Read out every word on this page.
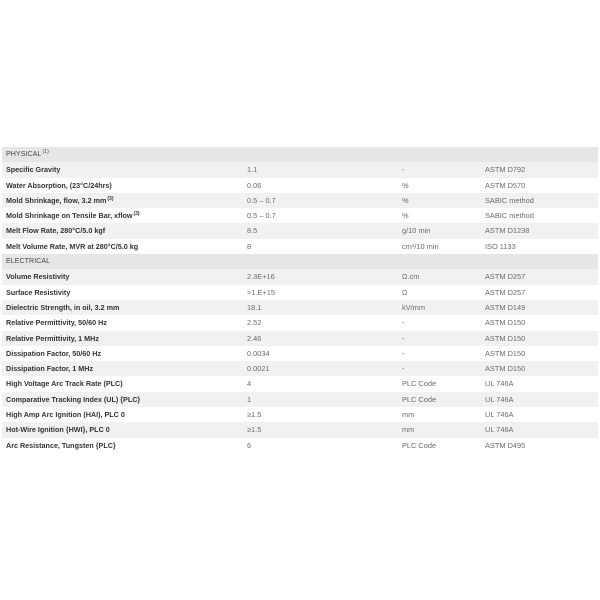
PHYSICAL$^{(1)}$
Specific Gravity	1.1	-	ASTM D792
Water Absorption, (23°C/24hrs)	0.06	%	ASTM D570
Mold Shrinkage, flow, 3.2 $mm^{(3)}$	0.5 – 0.7	%	SABIC method
Mold Shrinkage on Tensile Bar, xflow$^{(3)}$	0.5 – 0.7	%	SABIC method
Melt Flow Rate, 280°C/5.0 kgf	8.5	g/10 min	ASTM D1238
Melt Volume Rate, MVR at 280°C/5.0 kg	8	cm³/10 min	ISO 1133
ELECTRICAL			
Volume Resistivity	2.3E+16	Ω.cm	ASTM D257
Surface Resistivity	>1.E+15	Ω	ASTM D257
Dielectric Strength, in oil, 3.2 mm	18.1	kV/mm	ASTM D149
Relative Permittivity, 50/60 Hz	2.52	-	ASTM D150
Relative Permittivity, 1 MHz	2.46	-	ASTM D150
Dissipation Factor, 50/60 Hz	0.0034	-	ASTM D150
Dissipation Factor, 1 MHz	0.0021	-	ASTM D150
High Voltage Arc Track Rate (PLC)	4	PLC Code	UL 746A
Comparative Tracking Index (UL) {PLC}	1	PLC Code	UL 746A
High Amp Arc Ignition (HAI), PLC 0	≥1.5	mm	UL 746A
Hot-Wire Ignition {HWI}, PLC 0	≥1.5	mm	UL 746A
Arc Resistance, Tungsten {PLC}	6	PLC Code	ASTM D495
